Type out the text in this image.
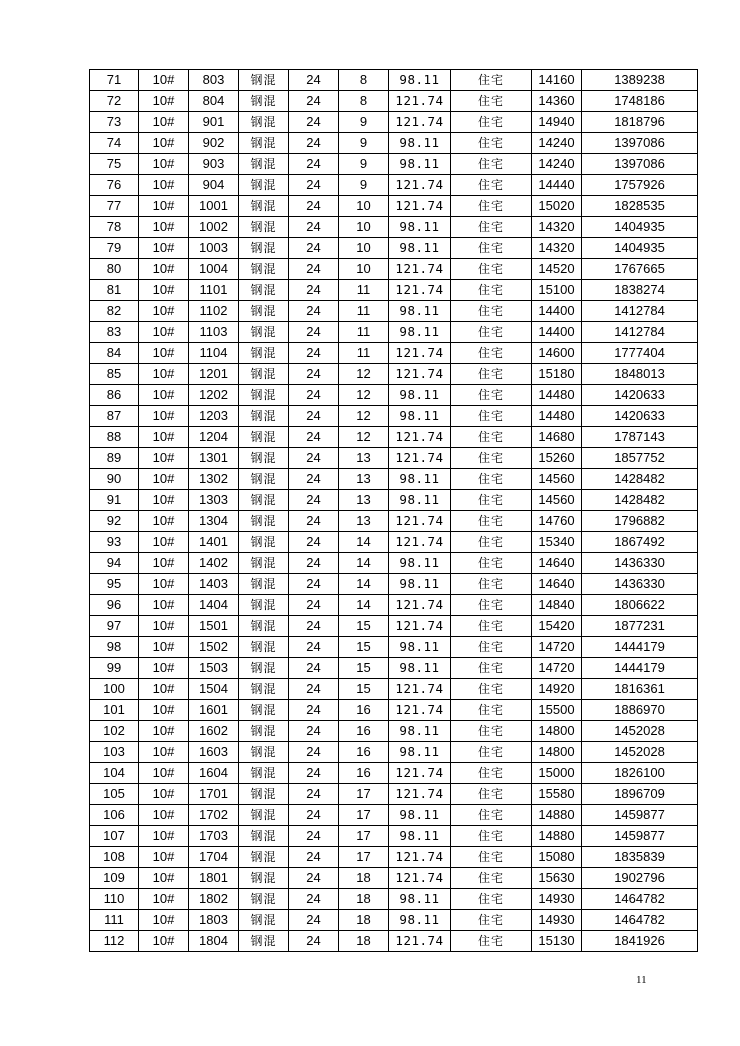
71	10#	803	钢混	24	8	98.11	住宅	14160	1389238
72	10#	804	钢混	24	8	121.74	住宅	14360	1748186
73	10#	901	钢混	24	9	121.74	住宅	14940	1818796
74	10#	902	钢混	24	9	98.11	住宅	14240	1397086
75	10#	903	钢混	24	9	98.11	住宅	14240	1397086
76	10#	904	钢混	24	9	121.74	住宅	14440	1757926
77	10#	1001	钢混	24	10	121.74	住宅	15020	1828535
78	10#	1002	钢混	24	10	98.11	住宅	14320	1404935
79	10#	1003	钢混	24	10	98.11	住宅	14320	1404935
80	10#	1004	钢混	24	10	121.74	住宅	14520	1767665
81	10#	1101	钢混	24	11	121.74	住宅	15100	1838274
82	10#	1102	钢混	24	11	98.11	住宅	14400	1412784
83	10#	1103	钢混	24	11	98.11	住宅	14400	1412784
84	10#	1104	钢混	24	11	121.74	住宅	14600	1777404
85	10#	1201	钢混	24	12	121.74	住宅	15180	1848013
86	10#	1202	钢混	24	12	98.11	住宅	14480	1420633
87	10#	1203	钢混	24	12	98.11	住宅	14480	1420633
88	10#	1204	钢混	24	12	121.74	住宅	14680	1787143
89	10#	1301	钢混	24	13	121.74	住宅	15260	1857752
90	10#	1302	钢混	24	13	98.11	住宅	14560	1428482
91	10#	1303	钢混	24	13	98.11	住宅	14560	1428482
92	10#	1304	钢混	24	13	121.74	住宅	14760	1796882
93	10#	1401	钢混	24	14	121.74	住宅	15340	1867492
94	10#	1402	钢混	24	14	98.11	住宅	14640	1436330
95	10#	1403	钢混	24	14	98.11	住宅	14640	1436330
96	10#	1404	钢混	24	14	121.74	住宅	14840	1806622
97	10#	1501	钢混	24	15	121.74	住宅	15420	1877231
98	10#	1502	钢混	24	15	98.11	住宅	14720	1444179
99	10#	1503	钢混	24	15	98.11	住宅	14720	1444179
100	10#	1504	钢混	24	15	121.74	住宅	14920	1816361
101	10#	1601	钢混	24	16	121.74	住宅	15500	1886970
102	10#	1602	钢混	24	16	98.11	住宅	14800	1452028
103	10#	1603	钢混	24	16	98.11	住宅	14800	1452028
104	10#	1604	钢混	24	16	121.74	住宅	15000	1826100
105	10#	1701	钢混	24	17	121.74	住宅	15580	1896709
106	10#	1702	钢混	24	17	98.11	住宅	14880	1459877
107	10#	1703	钢混	24	17	98.11	住宅	14880	1459877
108	10#	1704	钢混	24	17	121.74	住宅	15080	1835839
109	10#	1801	钢混	24	18	121.74	住宅	15630	1902796
110	10#	1802	钢混	24	18	98.11	住宅	14930	1464782
111	10#	1803	钢混	24	18	98.11	住宅	14930	1464782
112	10#	1804	钢混	24	18	121.74	住宅	15130	1841926
11
